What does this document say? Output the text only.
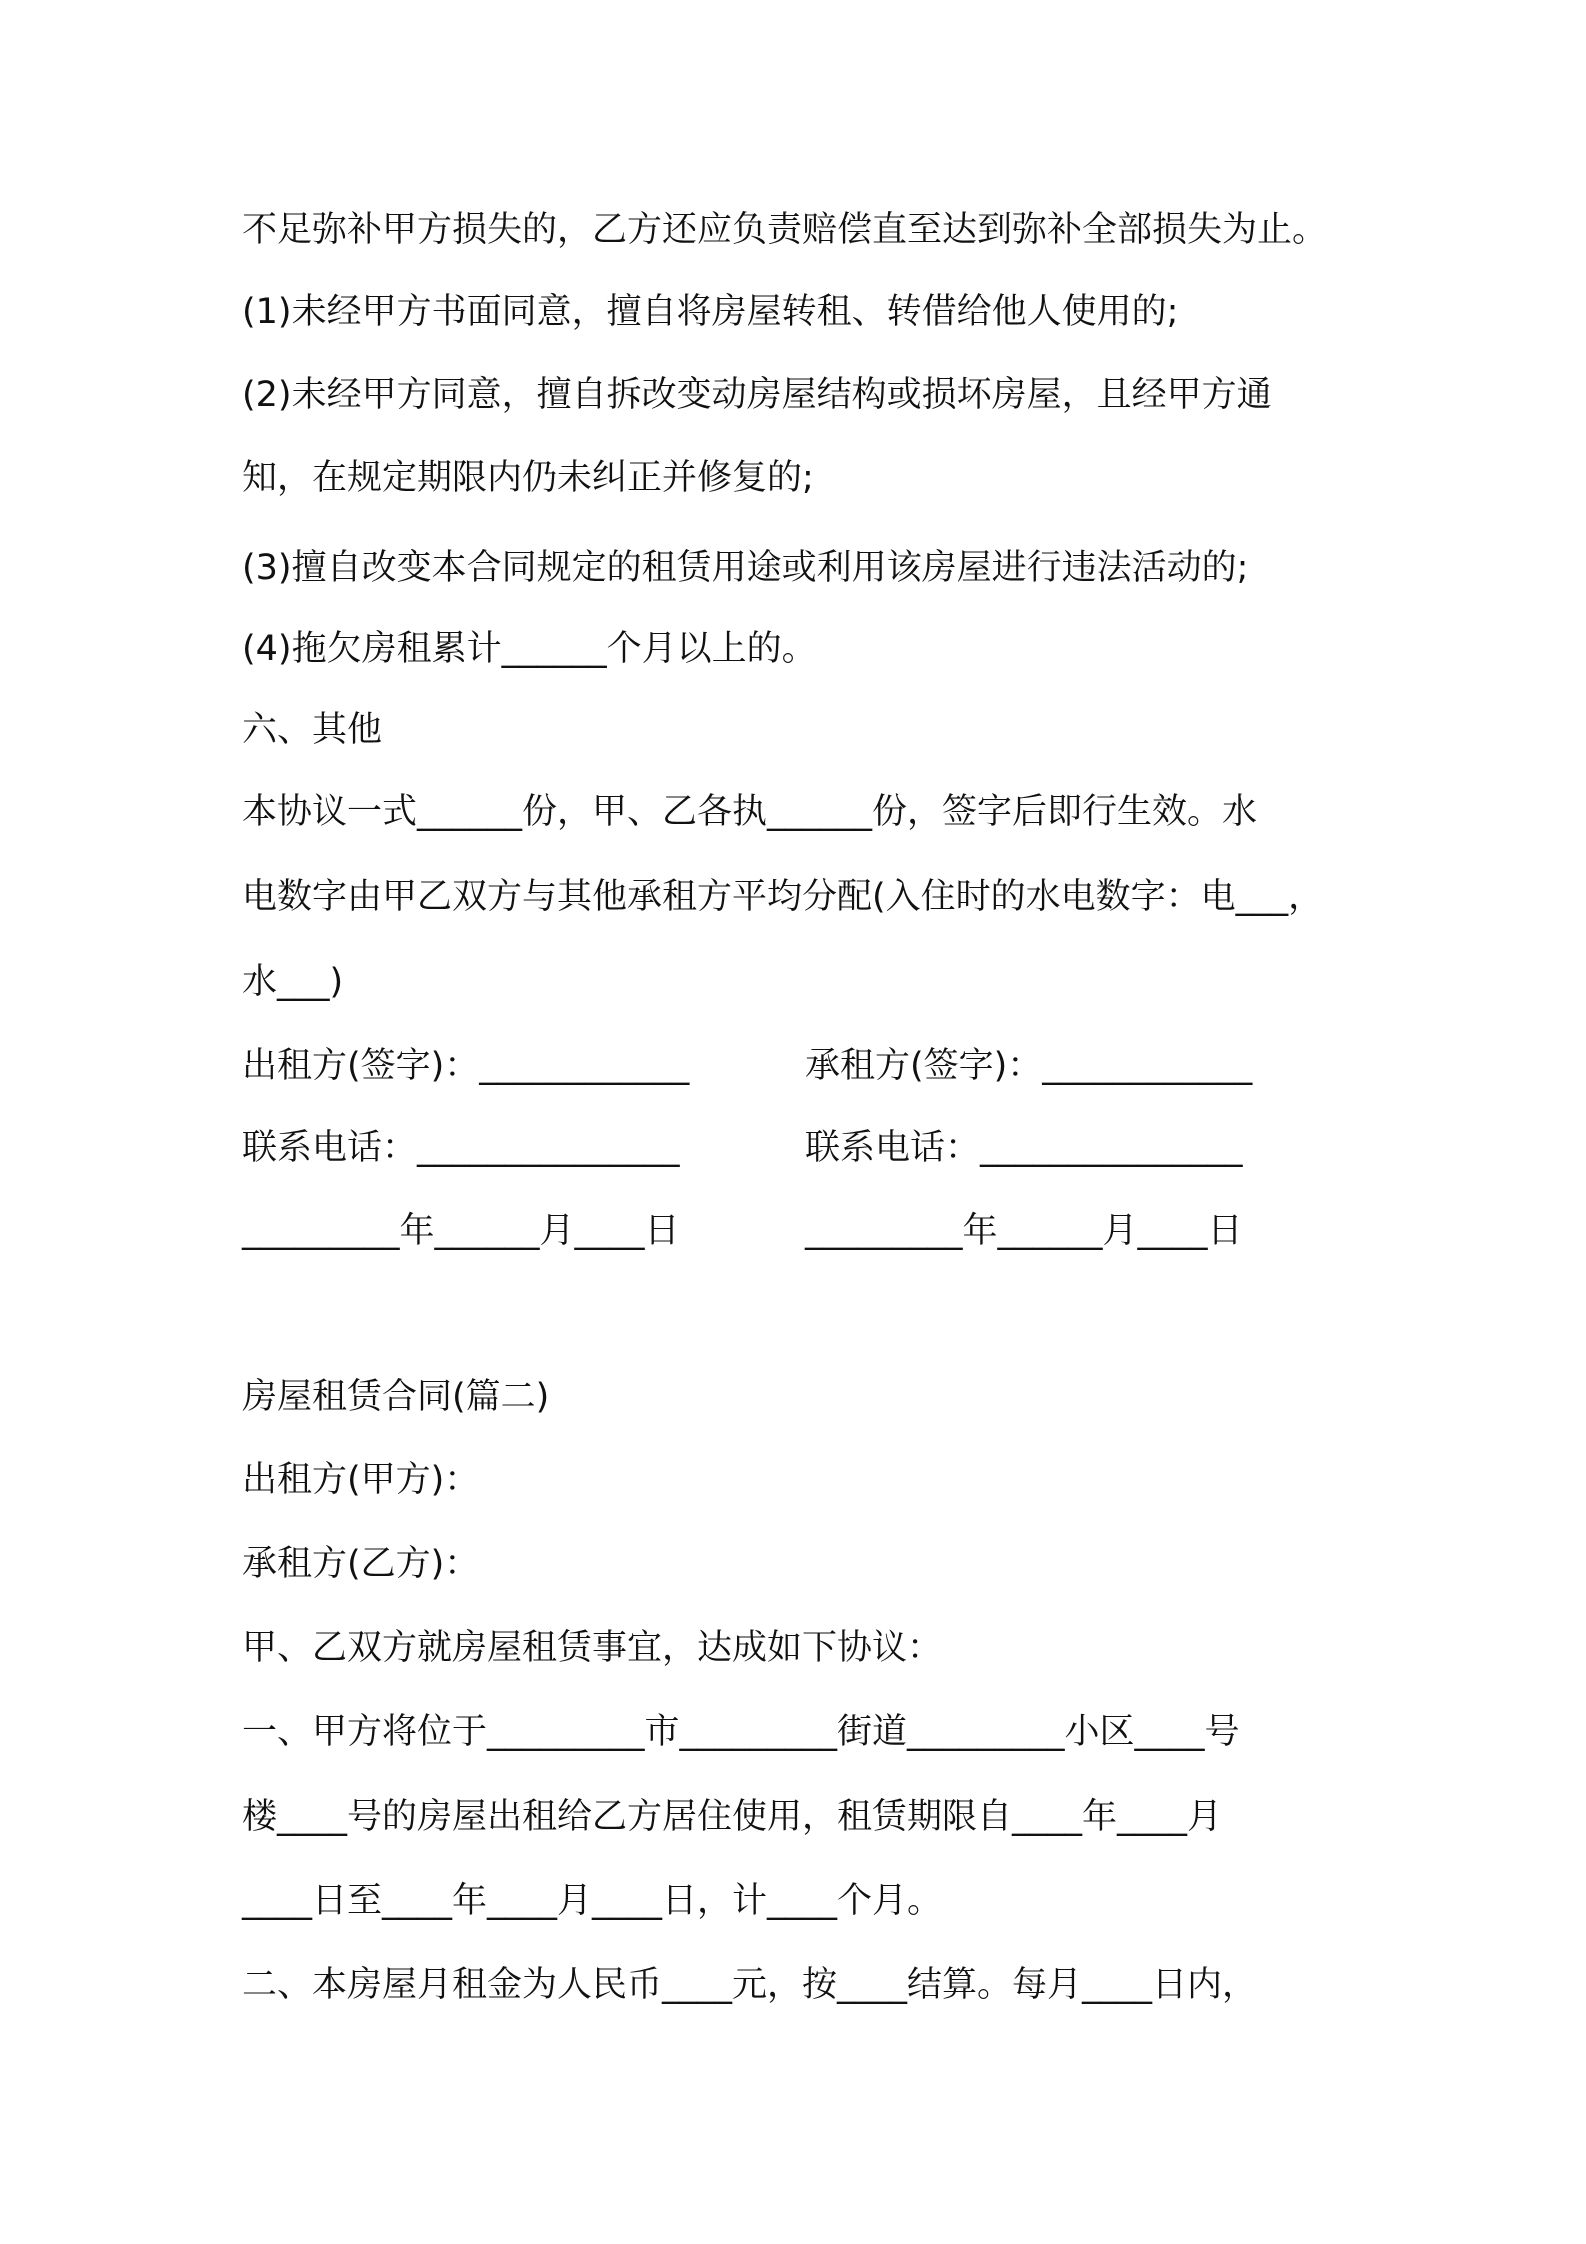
不足弥补甲方损失的，乙方还应负责赔偿直至达到弥补全部损失为止。
(1)未经甲方书面同意，擅自将房屋转租、转借给他人使用的;
(2)未经甲方同意，擅自拆改变动房屋结构或损坏房屋，且经甲方通
知，在规定期限内仍未纠正并修复的;
(3)擅自改变本合同规定的租赁用途或利用该房屋进行违法活动的;
(4)拖欠房租累计______个月以上的。
六、其他
本协议一式______份，甲、乙各执______份，签字后即行生效。水
电数字由甲乙双方与其他承租方平均分配(入住时的水电数字：电___，
水___)
出租方(签字)：____________	承租方(签字)：____________
联系电话：_______________	联系电话：_______________
_________年______月____日	_________年______月____日
房屋租赁合同(篇二)
出租方(甲方)：
承租方(乙方)：
甲、乙双方就房屋租赁事宜，达成如下协议：
一、甲方将位于_________市_________街道_________小区____号
楼____号的房屋出租给乙方居住使用，租赁期限自____年____月
____日至____年____月____日，计____个月。
二、本房屋月租金为人民币____元，按____结算。每月____日内，
